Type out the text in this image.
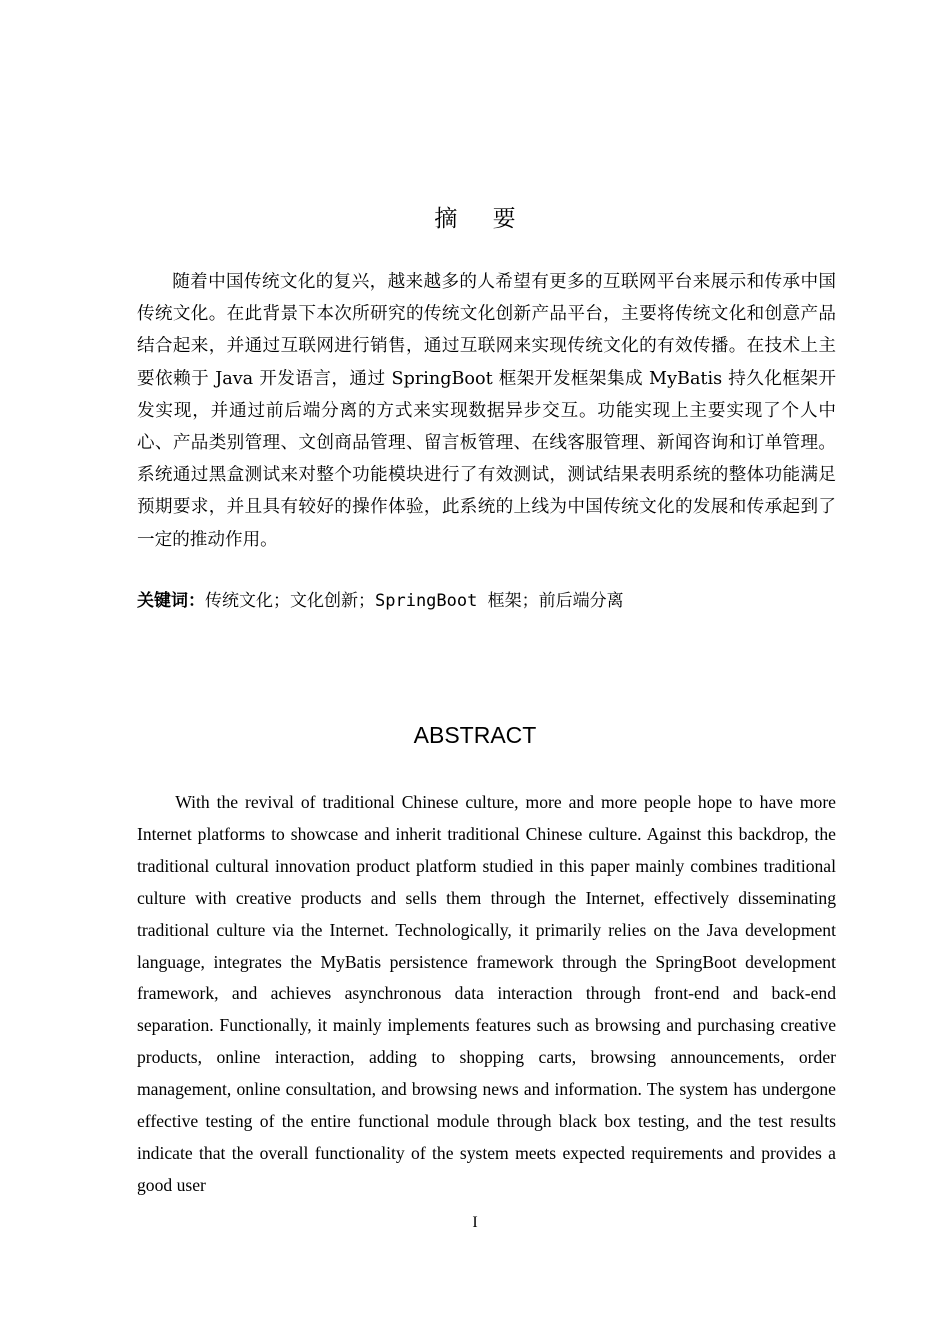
摘 要

随着中国传统文化的复兴，越来越多的人希望有更多的互联网平台来展示和传承中国传统文化。在此背景下本次所研究的传统文化创新产品平台，主要将传统文化和创意产品结合起来，并通过互联网进行销售，通过互联网来实现传统文化的有效传播。在技术上主要依赖于 Java 开发语言，通过 SpringBoot 框架开发框架集成 MyBatis 持久化框架开发实现，并通过前后端分离的方式来实现数据异步交互。功能实现上主要实现了个人中心、产品类别管理、文创商品管理、留言板管理、在线客服管理、新闻咨询和订单管理。系统通过黑盒测试来对整个功能模块进行了有效测试，测试结果表明系统的整体功能满足预期要求，并且具有较好的操作体验，此系统的上线为中国传统文化的发展和传承起到了一定的推动作用。

关键词：传统文化；文化创新；SpringBoot 框架；前后端分离

ABSTRACT

With the revival of traditional Chinese culture, more and more people hope to have more Internet platforms to showcase and inherit traditional Chinese culture. Against this backdrop, the traditional cultural innovation product platform studied in this paper mainly combines traditional culture with creative products and sells them through the Internet, effectively disseminating traditional culture via the Internet. Technologically, it primarily relies on the Java development language, integrates the MyBatis persistence framework through the SpringBoot development framework, and achieves asynchronous data interaction through front-end and back-end separation. Functionally, it mainly implements features such as browsing and purchasing creative products, online interaction, adding to shopping carts, browsing announcements, order management, online consultation, and browsing news and information. The system has undergone effective testing of the entire functional module through black box testing, and the test results indicate that the overall functionality of the system meets expected requirements and provides a good user

I
